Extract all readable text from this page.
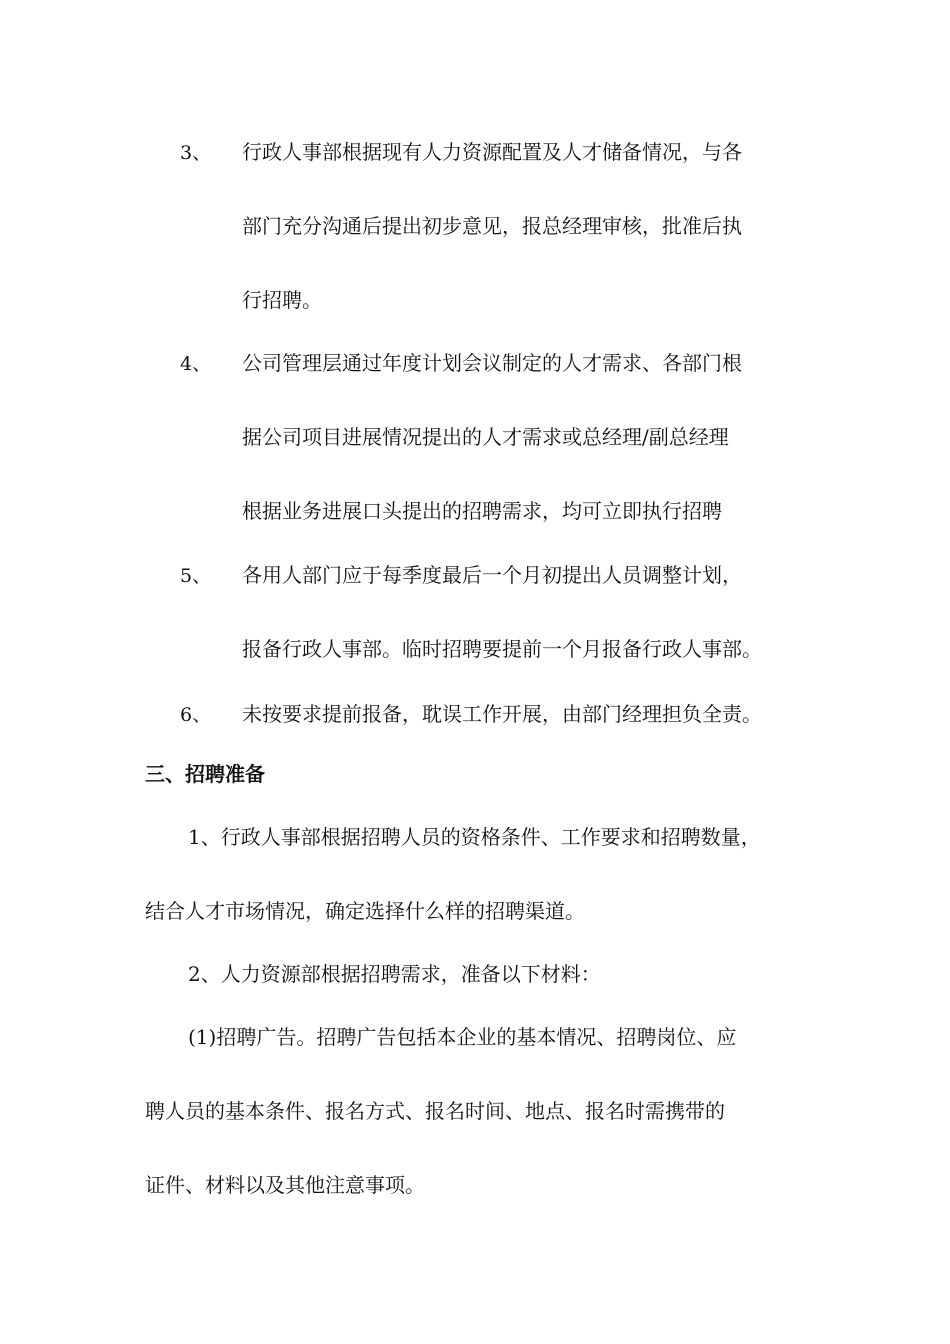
3、 行政人事部根据现有人力资源配置及人才储备情况，与各
部门充分沟通后提出初步意见，报总经理审核，批准后执
行招聘。
4、 公司管理层通过年度计划会议制定的人才需求、各部门根
据公司项目进展情况提出的人才需求或总经理/副总经理
根据业务进展口头提出的招聘需求，均可立即执行招聘
5、 各用人部门应于每季度最后一个月初提出人员调整计划，
报备行政人事部。临时招聘要提前一个月报备行政人事部。
6、 未按要求提前报备，耽误工作开展，由部门经理担负全责。
三、招聘准备
1、行政人事部根据招聘人员的资格条件、工作要求和招聘数量，
结合人才市场情况，确定选择什么样的招聘渠道。
2、人力资源部根据招聘需求，准备以下材料：
(1)招聘广告。招聘广告包括本企业的基本情况、招聘岗位、应
聘人员的基本条件、报名方式、报名时间、地点、报名时需携带的
证件、材料以及其他注意事项。
